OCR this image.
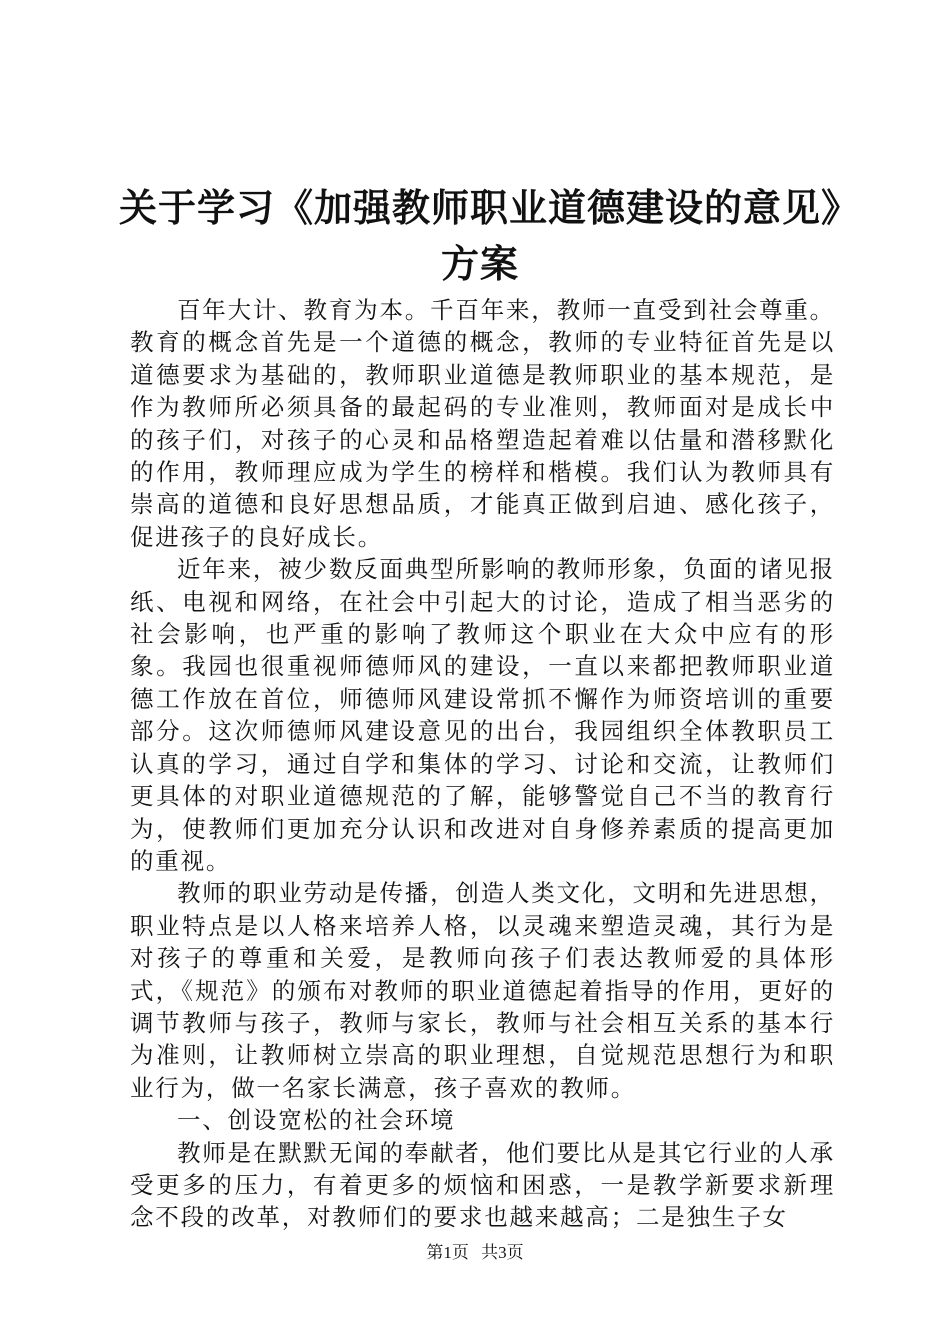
关于学习《加强教师职业道德建设的意见》方案

百年大计、教育为本。千百年来，教师一直受到社会尊重。教育的概念首先是一个道德的概念，教师的专业特征首先是以道德要求为基础的，教师职业道德是教师职业的基本规范，是作为教师所必须具备的最起码的专业准则，教师面对是成长中的孩子们，对孩子的心灵和品格塑造起着难以估量和潜移默化的作用，教师理应成为学生的榜样和楷模。我们认为教师具有崇高的道德和良好思想品质，才能真正做到启迪、感化孩子，促进孩子的良好成长。

近年来，被少数反面典型所影响的教师形象，负面的诸见报纸、电视和网络，在社会中引起大的讨论，造成了相当恶劣的社会影响，也严重的影响了教师这个职业在大众中应有的形象。我园也很重视师德师风的建设，一直以来都把教师职业道德工作放在首位，师德师风建设常抓不懈作为师资培训的重要部分。这次师德师风建设意见的出台，我园组织全体教职员工认真的学习，通过自学和集体的学习、讨论和交流，让教师们更具体的对职业道德规范的了解，能够警觉自己不当的教育行为，使教师们更加充分认识和改进对自身修养素质的提高更加的重视。

教师的职业劳动是传播，创造人类文化，文明和先进思想，职业特点是以人格来培养人格，以灵魂来塑造灵魂，其行为是对孩子的尊重和关爱，是教师向孩子们表达教师爱的具体形式，《规范》的颁布对教师的职业道德起着指导的作用，更好的调节教师与孩子，教师与家长，教师与社会相互关系的基本行为准则，让教师树立崇高的职业理想，自觉规范思想行为和职业行为，做一名家长满意，孩子喜欢的教师。

一、创设宽松的社会环境

教师是在默默无闻的奉献者，他们要比从是其它行业的人承受更多的压力，有着更多的烦恼和困惑，一是教学新要求新理念不段的改革，对教师们的要求也越来越高；二是独生子女

第1页 共3页
